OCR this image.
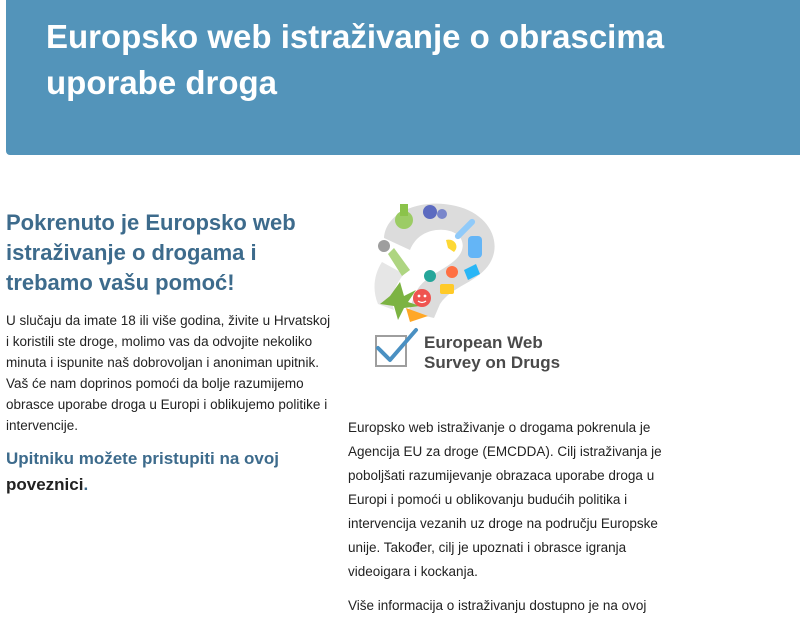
Europsko web istraživanje o obrascima uporabe droga
Pokrenuto je Europsko web istraživanje o drogama i trebamo vašu pomoć!

U slučaju da imate 18 ili više godina, živite u Hrvatskoj i koristili ste droge, molimo vas da odvojite nekoliko minuta i ispunite naš dobrovoljan i anoniman upitnik.

Vaš će nam doprinos pomoći da bolje razumijemo obrasce uporabe droga u Europi i oblikujemo politike i intervencije.

Upitniku možete pristupiti na ovoj poveznici.
European Web
Survey on Drugs

Europsko web istraživanje o drogama pokrenula je Agencija EU za droge (EMCDDA). Cilj istraživanja je poboljšati razumijevanje obrazaca uporabe droga u Europi i pomoći u oblikovanju budućih politika i intervencija vezanih uz droge na području Europske unije. Također, cilj je upoznati i obrasce igranja videoigara i kockanja.

Više informacija o istraživanju dostupno je na ovoj
